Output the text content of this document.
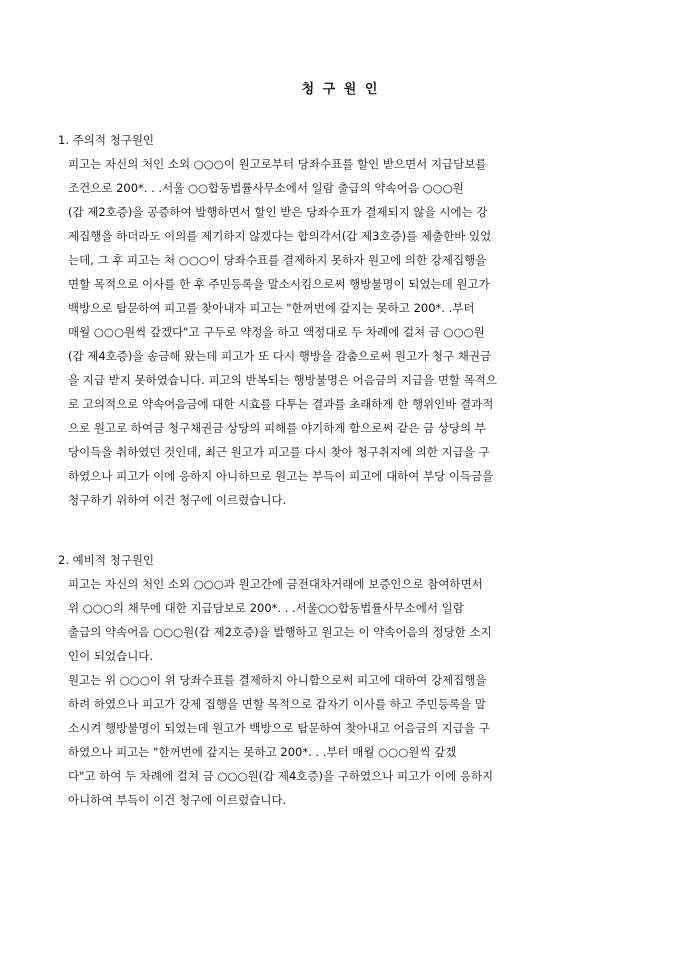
청 구 원 인
1. 주의적 청구원인
피고는 자신의 처인 소외 ○○○이 원고로부터 당좌수표를 할인 받으면서 지급담보를
조건으로 200*. . .서울 ○○합동법률사무소에서 일람 출급의 약속어음 ○○○원
(갑 제2호증)을 공증하여 발행하면서 할인 받은 당좌수표가 결제되지 않을 시에는 강
제집행을 하더라도 이의를 제기하지 않겠다는 합의각서(갑 제3호증)를 제출한바 있었
는데, 그 후 피고는 처 ○○○이 당좌수표를 결제하지 못하자 원고에 의한 강제집행을
면할 목적으로 이사를 한 후 주민등록을 말소시킴으로써 행방불명이 되었는데 원고가
백방으로 탐문하여 피고를 찾아내자 피고는 "한꺼번에 갚지는 못하고 200*. .부터
매월 ○○○원씩 갚겠다"고 구두로 약정을 하고 액정대로 두 차례에 걸쳐 금 ○○○원
(갑 제4호증)을 송금해 왔는데 피고가 또 다시 행방을 감춤으로써 원고가 청구 채권금
을 지급 받지 못하였습니다. 피고의 반복되는 행방불명은 어음금의 지급을 면할 목적으
로 고의적으로 약속어음금에 대한 시효를 다투는 결과를 초래하게 한 행위인바 결과적
으로 원고로 하여금 청구채권금 상당의 피해를 야기하게 함으로써 같은 금 상당의 부
당이득을 취하였던 것인데, 최근 원고가 피고를 다시 찾아 청구취지에 의한 지급을 구
하였으나 피고가 이에 응하지 아니하므로 원고는 부득이 피고에 대하여 부당 이득금을
청구하기 위하여 이건 청구에 이르렀습니다.
2. 예비적 청구원인
피고는 자신의 처인 소외 ○○○과 원고간에 금전대차거래에 보증인으로 참여하면서
위 ○○○의 채무에 대한 지급담보로 200*. . .서울○○합동법률사무소에서 일람
출급의 약속어음 ○○○원(갑 제2호증)을 발행하고 원고는 이 약속어음의 정당한 소지
인이 되었습니다.
원고는 위 ○○○이 위 당좌수표를 결제하지 아니함으로써 피고에 대하여 강제집행을
하려 하였으나 피고가 강제 집행을 면할 목적으로 갑자기 이사를 하고 주민등록을 말
소시켜 행방불명이 되었는데 원고가 백방으로 탐문하여 찾아내고 어음금의 지급을 구
하였으나 피고는 "한꺼번에 갚지는 못하고 200*. . .부터 매월 ○○○원씩 갚겠
다"고 하여 두 차례에 걸쳐 금 ○○○원(갑 제4호증)을 구하였으나 피고가 이에 응하지
아니하여 부득이 이건 청구에 이르렀습니다.
